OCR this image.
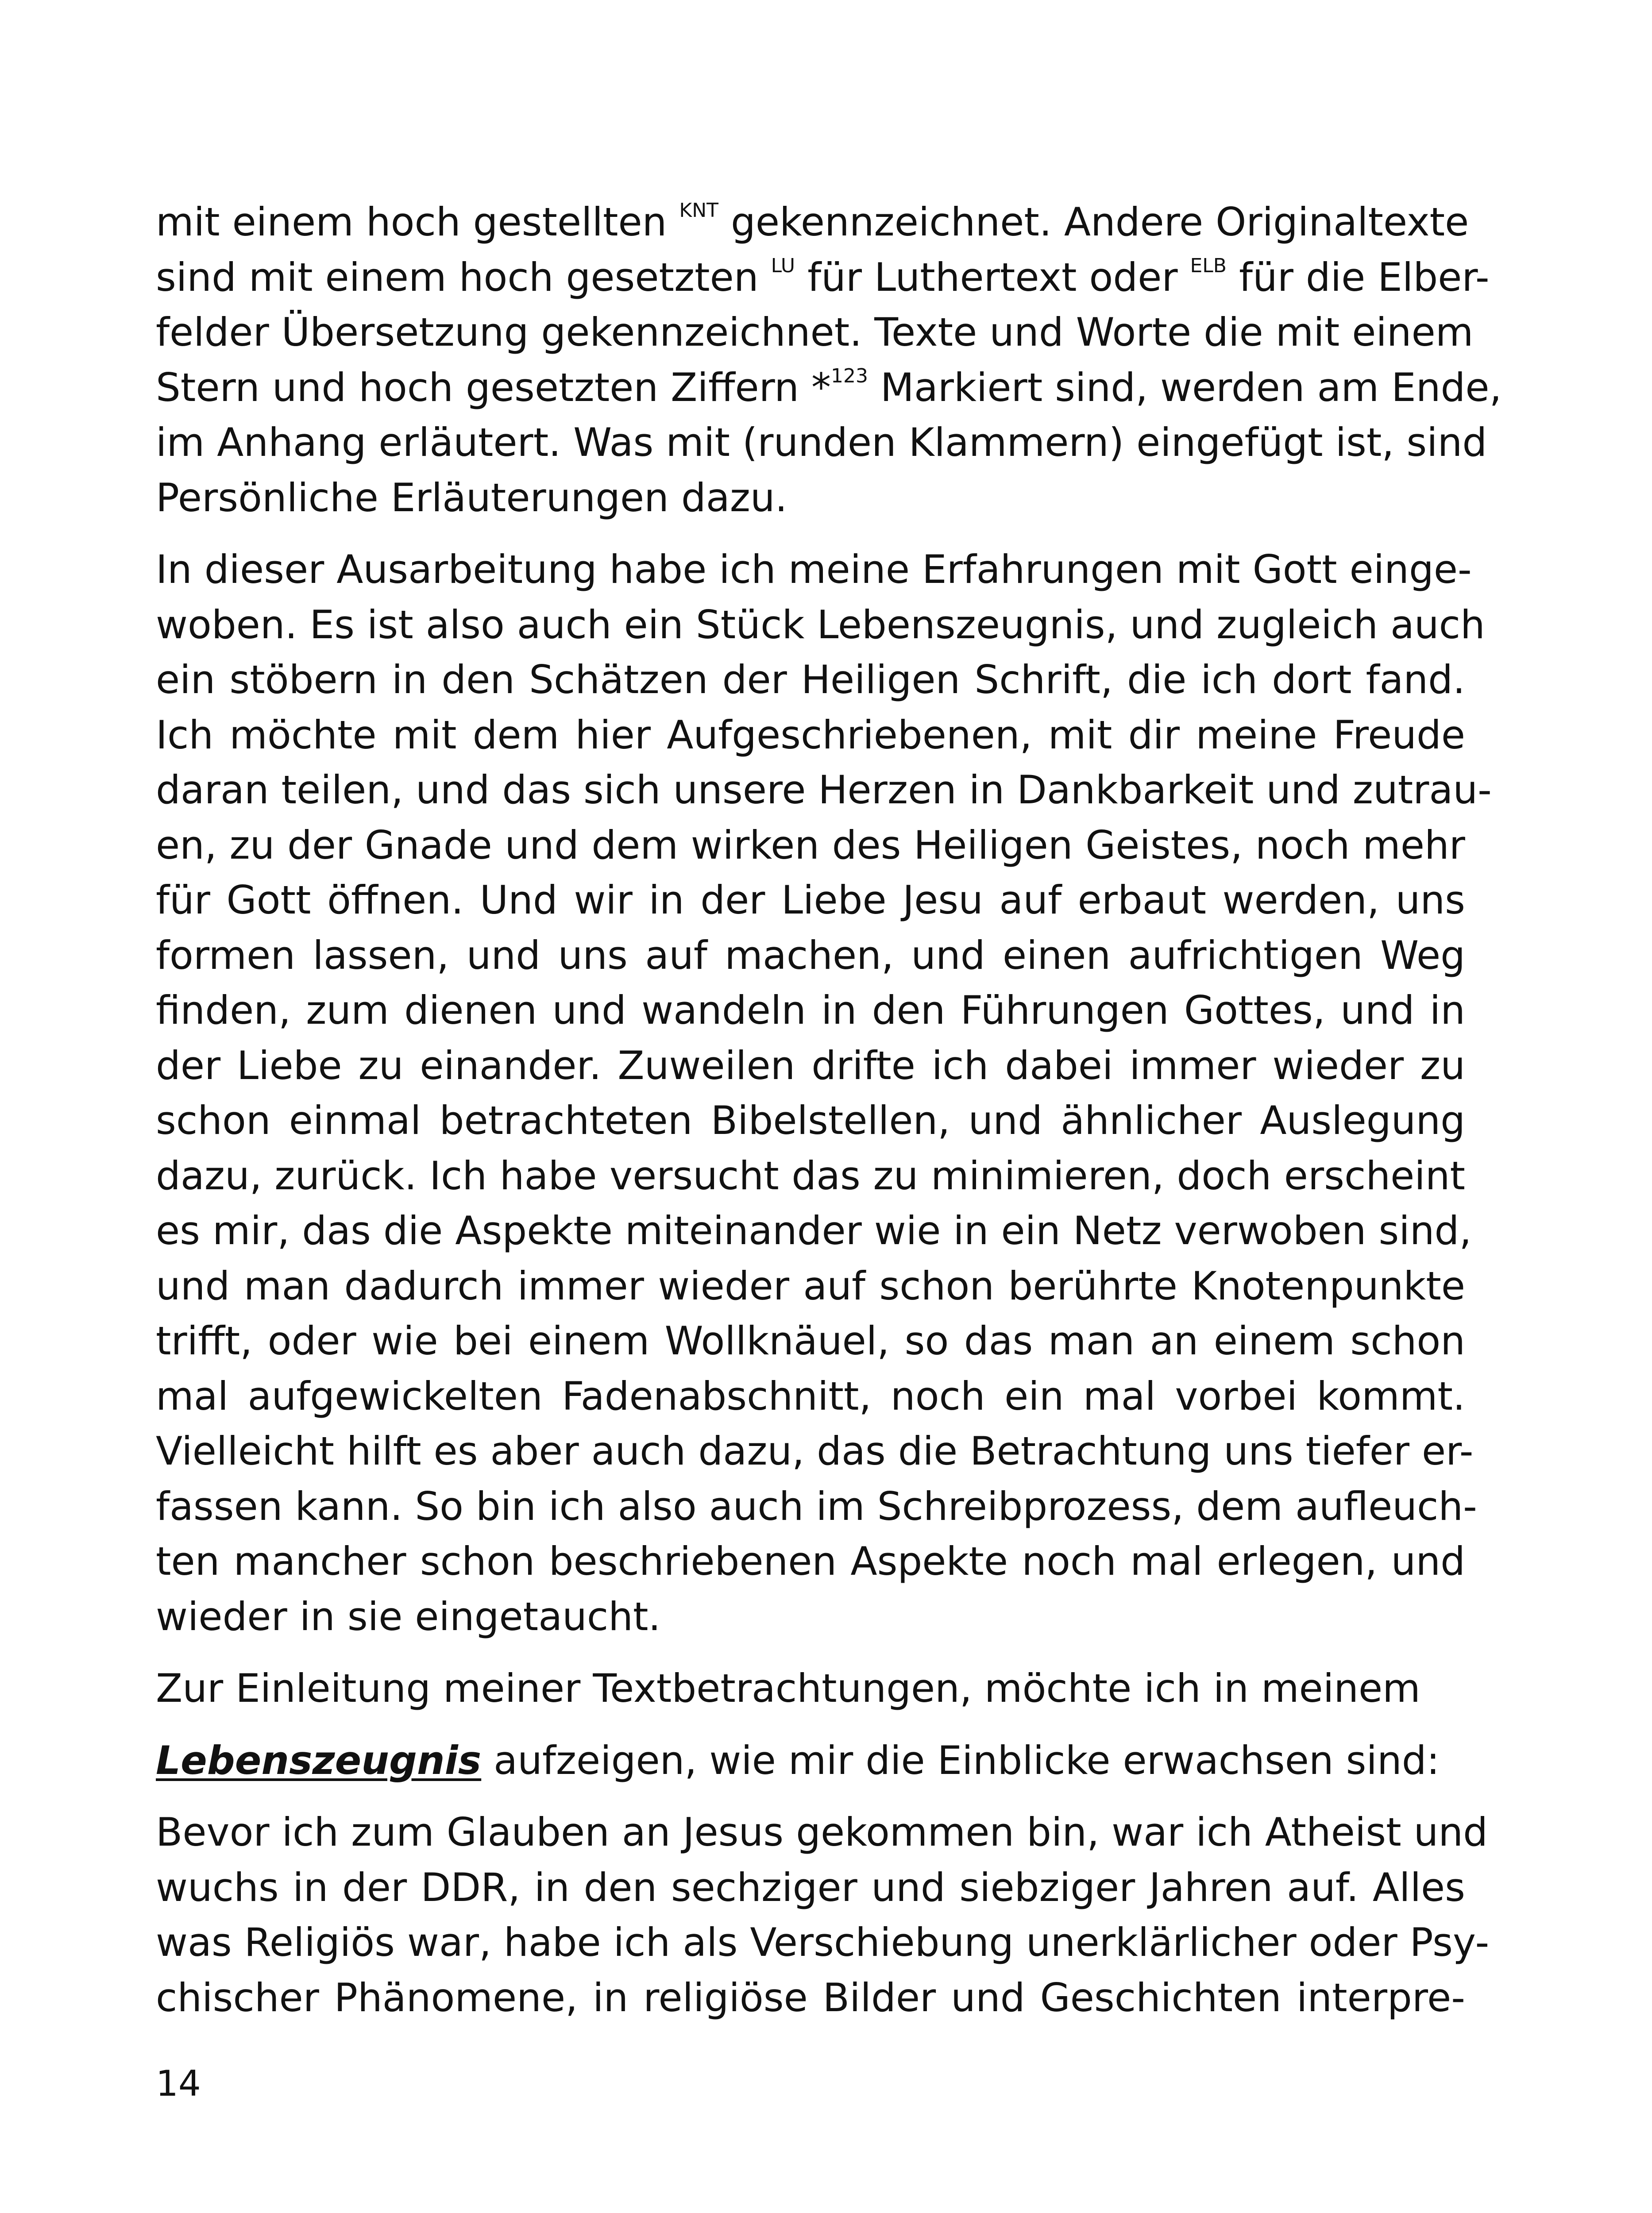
mit einem hoch gestellten $^{KNT}$ gekennzeichnet. Andere Originaltexte
sind mit einem hoch gesetzten $^{LU}$ für Luthertext oder $^{ELB}$ für die Elber-
felder Übersetzung gekennzeichnet. Texte und Worte die mit einem
Stern und hoch gesetzten Ziffern *$^{123}$ Markiert sind, werden am Ende,
im Anhang erläutert. Was mit (runden Klammern) eingefügt ist, sind
Persönliche Erläuterungen dazu.

In dieser Ausarbeitung habe ich meine Erfahrungen mit Gott einge-
woben. Es ist also auch ein Stück Lebenszeugnis, und zugleich auch
ein stöbern in den Schätzen der Heiligen Schrift, die ich dort fand.
Ich möchte mit dem hier Aufgeschriebenen, mit dir meine Freude
daran teilen, und das sich unsere Herzen in Dankbarkeit und zutrau-
en, zu der Gnade und dem wirken des Heiligen Geistes, noch mehr
für Gott öffnen. Und wir in der Liebe Jesu auf erbaut werden, uns
formen lassen, und uns auf machen, und einen aufrichtigen Weg
finden, zum dienen und wandeln in den Führungen Gottes, und in
der Liebe zu einander. Zuweilen drifte ich dabei immer wieder zu
schon einmal betrachteten Bibelstellen, und ähnlicher Auslegung
dazu, zurück. Ich habe versucht das zu minimieren, doch erscheint
es mir, das die Aspekte miteinander wie in ein Netz verwoben sind,
und man dadurch immer wieder auf schon berührte Knotenpunkte
trifft, oder wie bei einem Wollknäuel, so das man an einem schon
mal aufgewickelten Fadenabschnitt, noch ein mal vorbei kommt.
Vielleicht hilft es aber auch dazu, das die Betrachtung uns tiefer er-
fassen kann. So bin ich also auch im Schreibprozess, dem aufleuch-
ten mancher schon beschriebenen Aspekte noch mal erlegen, und
wieder in sie eingetaucht.

Zur Einleitung meiner Textbetrachtungen, möchte ich in meinem

Lebenszeugnis aufzeigen, wie mir die Einblicke erwachsen sind:

Bevor ich zum Glauben an Jesus gekommen bin, war ich Atheist und
wuchs in der DDR, in den sechziger und siebziger Jahren auf. Alles
was Religiös war, habe ich als Verschiebung unerklärlicher oder Psy-
chischer Phänomene, in religiöse Bilder und Geschichten interpre-

14
